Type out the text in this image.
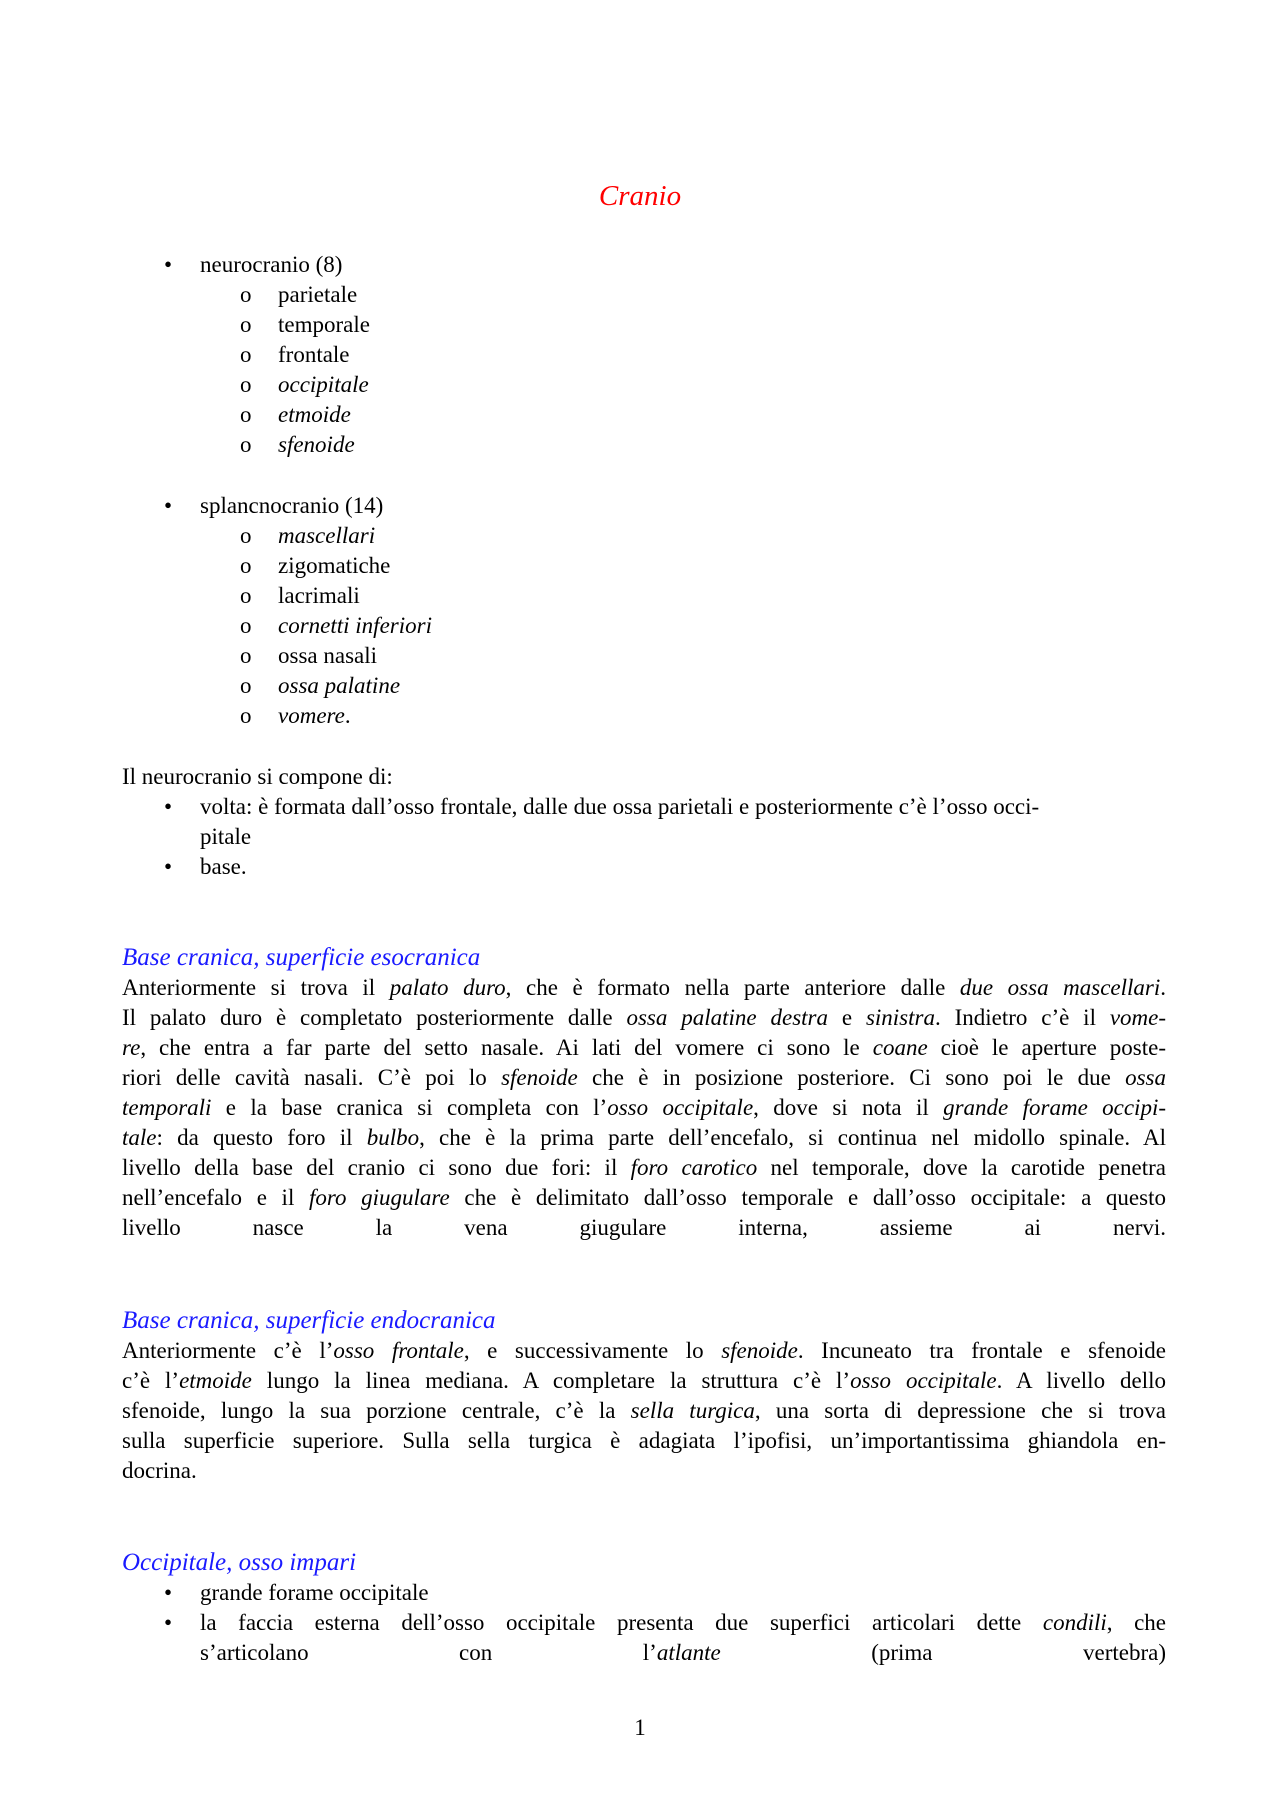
Cranio
• neurocranio (8)
o parietale
o temporale
o frontale
o occipitale
o etmoide
o sfenoide
• splancnocranio (14)
o mascellari
o zigomatiche
o lacrimali
o cornetti inferiori
o ossa nasali
o ossa palatine
o vomere.
Il neurocranio si compone di:
• volta: è formata dall’osso frontale, dalle due ossa parietali e posteriormente c’è l’osso occi-
pitale
• base.
Base cranica, superficie esocranica
Anteriormente si trova il palato duro, che è formato nella parte anteriore dalle due ossa mascellari.
Il palato duro è completato posteriormente dalle ossa palatine destra e sinistra. Indietro c’è il vome-
re, che entra a far parte del setto nasale. Ai lati del vomere ci sono le coane cioè le aperture poste-
riori delle cavità nasali. C’è poi lo sfenoide che è in posizione posteriore. Ci sono poi le due ossa
temporali e la base cranica si completa con l’osso occipitale, dove si nota il grande forame occipi-
tale: da questo foro il bulbo, che è la prima parte dell’encefalo, si continua nel midollo spinale. Al
livello della base del cranio ci sono due fori: il foro carotico nel temporale, dove la carotide penetra
nell’encefalo e il foro giugulare che è delimitato dall’osso temporale e dall’osso occipitale: a questo
livello nasce la vena giugulare interna, assieme ai nervi.
Base cranica, superficie endocranica
Anteriormente c’è l’osso frontale, e successivamente lo sfenoide. Incuneato tra frontale e sfenoide
c’è l’etmoide lungo la linea mediana. A completare la struttura c’è l’osso occipitale. A livello dello
sfenoide, lungo la sua porzione centrale, c’è la sella turgica, una sorta di depressione che si trova
sulla superficie superiore. Sulla sella turgica è adagiata l’ipofisi, un’importantissima ghiandola en-
docrina.
Occipitale, osso impari
• grande forame occipitale
• la faccia esterna dell’osso occipitale presenta due superfici articolari dette condili, che
s’articolano con l’atlante (prima vertebra)
1
